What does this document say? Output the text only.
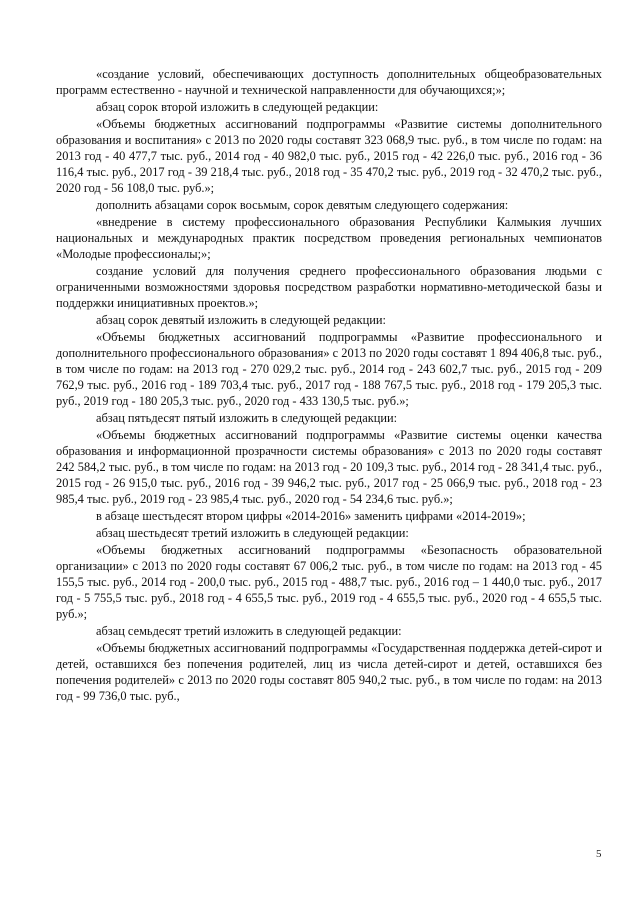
«создание условий, обеспечивающих доступность дополнительных общеобразовательных программ естественно - научной и технической направленности для обучающихся;»;

абзац сорок второй изложить в следующей редакции:

«Объемы бюджетных ассигнований подпрограммы «Развитие системы дополнительного образования и воспитания» с 2013 по 2020 годы составят 323 068,9 тыс. руб., в том числе по годам: на 2013 год - 40 477,7 тыс. руб., 2014 год - 40 982,0 тыс. руб., 2015 год - 42 226,0 тыс. руб., 2016 год - 36 116,4 тыс. руб., 2017 год - 39 218,4 тыс. руб., 2018 год - 35 470,2 тыс. руб., 2019 год - 32 470,2 тыс. руб., 2020 год - 56 108,0 тыс. руб.»;

дополнить абзацами сорок восьмым, сорок девятым следующего содержания:

«внедрение в систему профессионального образования Республики Калмыкия лучших национальных и международных практик посредством проведения региональных чемпионатов «Молодые профессионалы;»;

создание условий для получения среднего профессионального образования людьми с ограниченными возможностями здоровья посредством разработки нормативно-методической базы и поддержки инициативных проектов.»;

абзац сорок девятый изложить в следующей редакции:

«Объемы бюджетных ассигнований подпрограммы «Развитие профессионального и дополнительного профессионального образования» с 2013 по 2020 годы составят 1 894 406,8 тыс. руб., в том числе по годам: на 2013 год - 270 029,2 тыс. руб., 2014 год - 243 602,7 тыс. руб., 2015 год - 209 762,9 тыс. руб., 2016 год - 189 703,4 тыс. руб., 2017 год - 188 767,5 тыс. руб., 2018 год - 179 205,3 тыс. руб., 2019 год - 180 205,3 тыс. руб., 2020 год - 433 130,5 тыс. руб.»;

абзац пятьдесят пятый изложить в следующей редакции:

«Объемы бюджетных ассигнований подпрограммы «Развитие системы оценки качества образования и информационной прозрачности системы образования» с 2013 по 2020 годы составят 242 584,2 тыс. руб., в том числе по годам: на 2013 год - 20 109,3 тыс. руб., 2014 год - 28 341,4 тыс. руб., 2015 год - 26 915,0 тыс. руб., 2016 год - 39 946,2 тыс. руб., 2017 год - 25 066,9 тыс. руб., 2018 год - 23 985,4 тыс. руб., 2019 год - 23 985,4 тыс. руб., 2020 год - 54 234,6 тыс. руб.»;

в абзаце шестьдесят втором цифры «2014-2016» заменить цифрами «2014-2019»;

абзац шестьдесят третий изложить в следующей редакции:

«Объемы бюджетных ассигнований подпрограммы «Безопасность образовательной организации» с 2013 по 2020 годы составят 67 006,2 тыс. руб., в том числе по годам: на 2013 год - 45 155,5 тыс. руб., 2014 год - 200,0 тыс. руб., 2015 год - 488,7 тыс. руб., 2016 год – 1 440,0 тыс. руб., 2017 год - 5 755,5 тыс. руб., 2018 год - 4 655,5 тыс. руб., 2019 год - 4 655,5 тыс. руб., 2020 год - 4 655,5 тыс. руб.»;

абзац семьдесят третий изложить в следующей редакции:

«Объемы бюджетных ассигнований подпрограммы «Государственная поддержка детей-сирот и детей, оставшихся без попечения родителей, лиц из числа детей-сирот и детей, оставшихся без попечения родителей» с 2013 по 2020 годы составят 805 940,2 тыс. руб., в том числе по годам: на 2013 год - 99 736,0 тыс. руб.,

5
